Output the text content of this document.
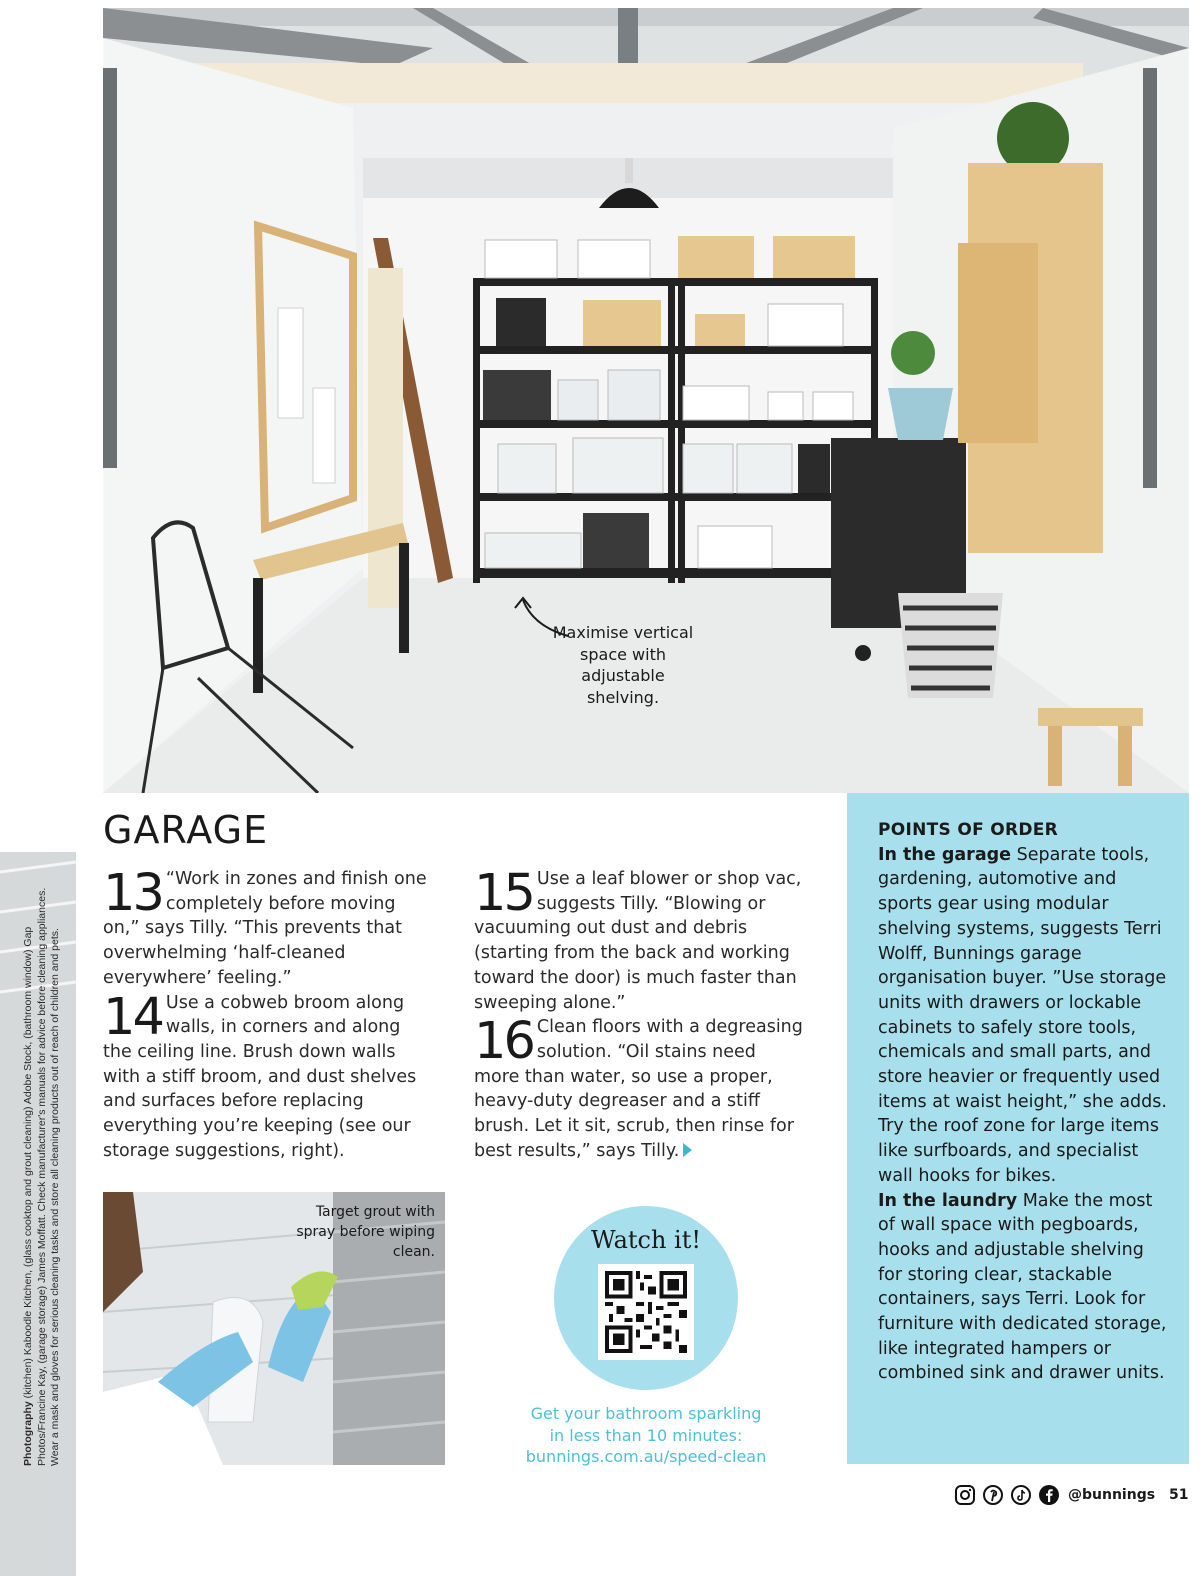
Maximise vertical space with adjustable shelving.
Photography (kitchen) Kaboodle Kitchen, (glass cooktop and grout cleaning) Adobe Stock, (bathroom window) Gap Photos/Francine Kay, (garage storage) James Moffatt. Check manufacturer's manuals for advice before cleaning appliances. Wear a mask and gloves for serious cleaning tasks and store all cleaning products out of reach of children and pets.
GARAGE
13 “Work in zones and finish one completely before moving on,” says Tilly. “This prevents that overwhelming ‘half-cleaned everywhere’ feeling.”
14 Use a cobweb broom along walls, in corners and along the ceiling line. Brush down walls with a stiff broom, and dust shelves and surfaces before replacing everything you’re keeping (see our storage suggestions, right).
15 Use a leaf blower or shop vac, suggests Tilly. “Blowing or vacuuming out dust and debris (starting from the back and working toward the door) is much faster than sweeping alone.”
16 Clean floors with a degreasing solution. “Oil stains need more than water, so use a proper, heavy-duty degreaser and a stiff brush. Let it sit, scrub, then rinse for best results,” says Tilly.
Target grout with spray before wiping clean.	Watch it!
Get your bathroom sparkling
in less than 10 minutes:
bunnings.com.au/speed-clean
POINTS OF ORDER

In the garage Separate tools, gardening, automotive and sports gear using modular shelving systems, suggests Terri Wolff, Bunnings garage organisation buyer. ”Use storage units with drawers or lockable cabinets to safely store tools, chemicals and small parts, and store heavier or frequently used items at waist height,” she adds. Try the roof zone for large items like surfboards, and specialist wall hooks for bikes.

In the laundry Make the most of wall space with pegboards, hooks and adjustable shelving for storing clear, stackable containers, says Terri. Look for furniture with dedicated storage, like integrated hampers or combined sink and drawer units.

@bunnings 51
